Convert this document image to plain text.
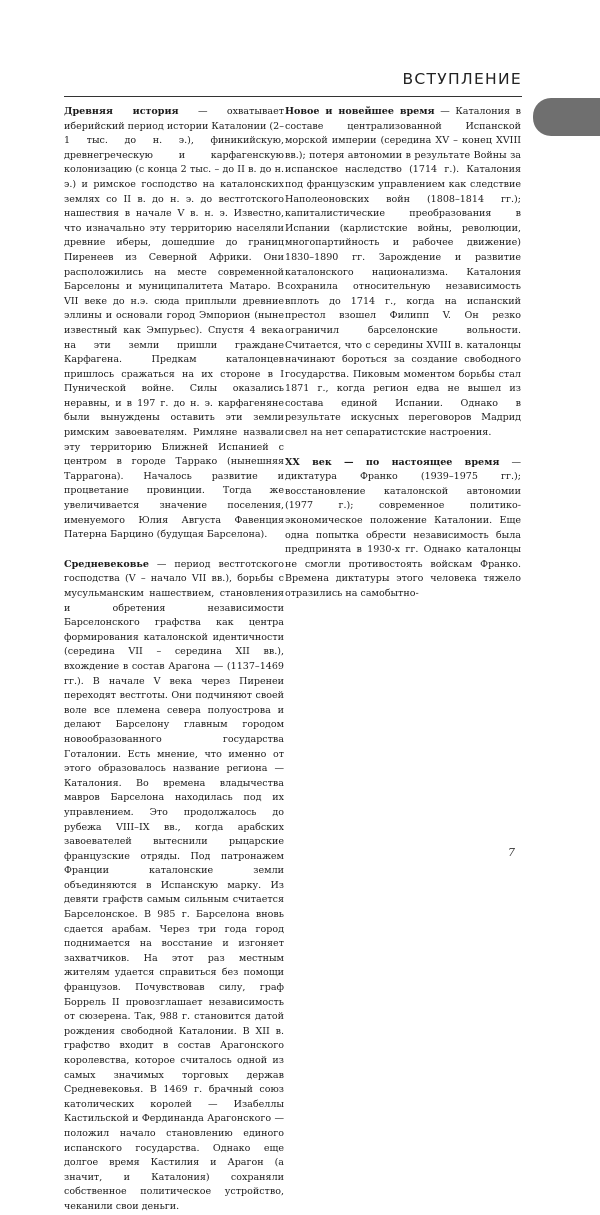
ВСТУПЛЕНИЕ

Древняя история — охватывает иберийский период истории Каталонии (2–1 тыс. до н. э.), финикийскую, древнегреческую и карфагенскую колонизацию (с конца 2 тыс. – до II в. до н. э.) и римское господство на каталонских землях со II в. до н. э. до вестготского нашествия в начале V в. н. э. Известно, что изначально эту территорию населяли древние иберы, дошедшие до границ Пиренеев из Северной Африки. Они расположились на месте современной Барселоны и муниципалитета Матаро. В VII веке до н.э. сюда приплыли древние эллины и основали город Эмпорион (ныне известный как Эмпурьес). Спустя 4 века на эти земли пришли граждане Карфагена. Предкам каталонцев пришлось сражаться на их стороне в I Пунической войне. Силы оказались неравны, и в 197 г. до н. э. карфагеняне были вынуждены оставить эти земли римским завоевателям. Римляне назвали эту территорию Ближней Испанией с центром в городе Таррако (нынешняя Таррагона). Началось развитие и процветание провинции. Тогда же увеличивается значение поселения, именуемого Юлия Августа Фавенция Патерна Барцино (будущая Барселона).

Средневековье — период вестготского господства (V – начало VII вв.), борьбы с мусульманским нашествием, становления и обретения независимости Барселонского графства как центра формирования каталонской идентичности (середина VII – середина XII вв.), вхождение в состав Арагона — (1137–1469 гг.). В начале V века через Пиренеи переходят вестготы. Они подчиняют своей воле все племена севера полуострова и делают Барселону главным городом новообразованного государства Готалонии. Есть мнение, что именно от этого образовалось название региона — Каталония. Во времена владычества мавров Барселона находилась под их управлением. Это продолжалось до рубежа VIII–IX вв., когда арабских завоевателей вытеснили рыцарские французские отряды. Под патронажем Франции каталонские земли объединяются в Испанскую марку. Из девяти графств самым сильным считается Барселонское. В 985 г. Барселона вновь сдается арабам. Через три года город поднимается на восстание и изгоняет захватчиков. На этот раз местным жителям удается справиться без помощи французов. Почувствовав силу, граф Боррель II провозглашает независимость от сюзерена. Так, 988 г. становится датой рождения свободной Каталонии. В XII в. графство входит в состав Арагонского королевства, которое считалось одной из самых значимых торговых держав Средневековья. В 1469 г. брачный союз католических королей — Изабеллы Кастильской и Фердинанда Арагонского — положил начало становлению единого испанского государства. Однако еще долгое время Кастилия и Арагон (а значит, и Каталония) сохраняли собственное политическое устройство, чеканили свои деньги.

Новое и новейшее время — Каталония в составе централизованной Испанской морской империи (середина XV – конец XVIII вв.); потеря автономии в результате Войны за испанское наследство (1714 г.). Каталония под французским управлением как следствие Наполеоновских войн (1808–1814 гг.); капиталистические преобразования в Испании (карлистские войны, революции, многопартийность и рабочее движение) 1830–1890 гг. Зарождение и развитие каталонского национализма. Каталония сохранила относительную независимость вплоть до 1714 г., когда на испанский престол взошел Филипп V. Он резко ограничил барселонские вольности. Считается, что с середины XVIII в. каталонцы начинают бороться за создание свободного государства. Пиковым моментом борьбы стал 1871 г., когда регион едва не вышел из состава единой Испании. Однако в результате искусных переговоров Мадрид свел на нет сепаратистские настроения.

XX век — по настоящее время — диктатура Франко (1939–1975 гг.); восстановление каталонской автономии (1977 г.); современное политико-экономическое положение Каталонии. Еще одна попытка обрести независимость была предпринята в 1930-х гг. Однако каталонцы не смогли противостоять войскам Франко. Времена диктатуры этого человека тяжело отразились на самобытно-

7
